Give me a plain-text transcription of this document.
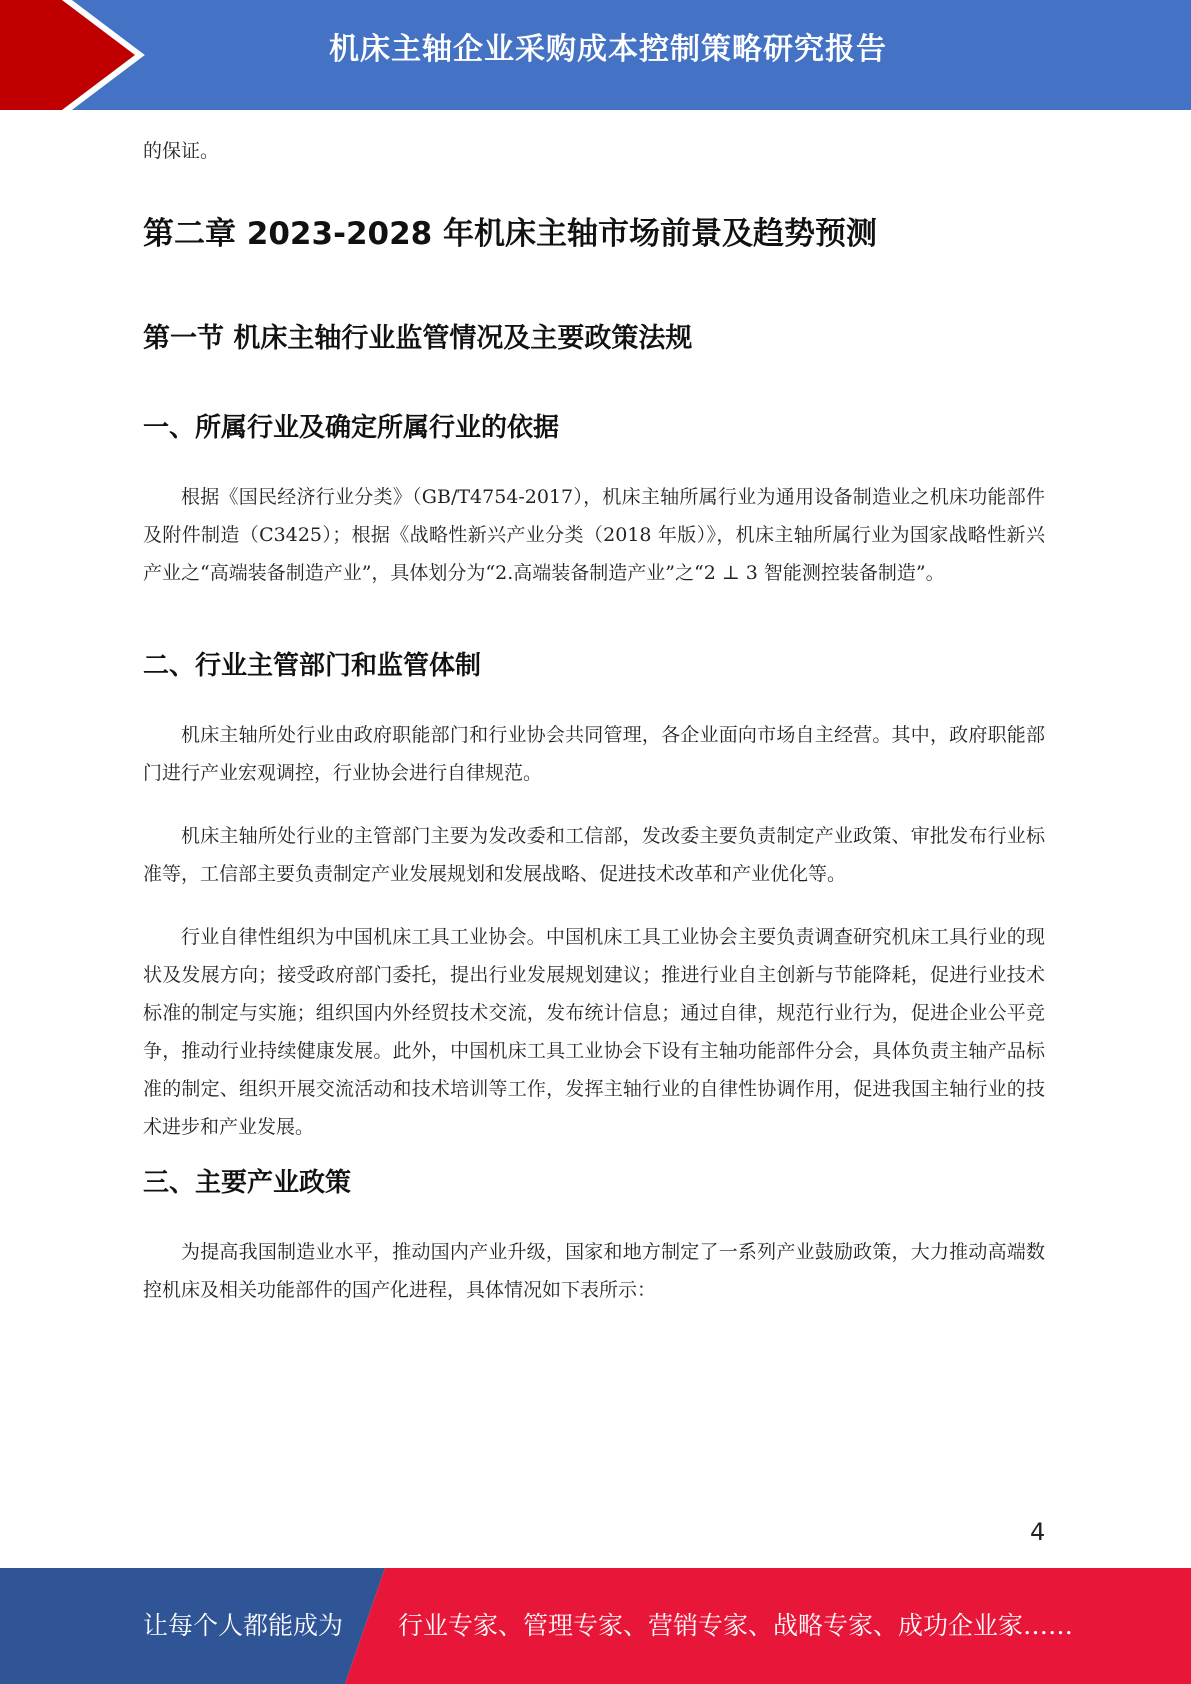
机床主轴企业采购成本控制策略研究报告

的保证。

第二章 2023-2028 年机床主轴市场前景及趋势预测
第一节 机床主轴行业监管情况及主要政策法规
一、所属行业及确定所属行业的依据

根据《国民经济行业分类》（GB/T4754-2017），机床主轴所属行业为通用设备制造业之机床功能部件及附件制造（C3425）；根据《战略性新兴产业分类（2018 年版）》，机床主轴所属行业为国家战略性新兴产业之“高端装备制造产业”，具体划分为“2.高端装备制造产业”之“2 ⊥ 3 智能测控装备制造”。

二、行业主管部门和监管体制

机床主轴所处行业由政府职能部门和行业协会共同管理，各企业面向市场自主经营。其中，政府职能部门进行产业宏观调控，行业协会进行自律规范。

机床主轴所处行业的主管部门主要为发改委和工信部，发改委主要负责制定产业政策、审批发布行业标准等，工信部主要负责制定产业发展规划和发展战略、促进技术改革和产业优化等。

行业自律性组织为中国机床工具工业协会。中国机床工具工业协会主要负责调查研究机床工具行业的现状及发展方向；接受政府部门委托，提出行业发展规划建议；推进行业自主创新与节能降耗，促进行业技术标准的制定与实施；组织国内外经贸技术交流，发布统计信息；通过自律，规范行业行为，促进企业公平竞争，推动行业持续健康发展。此外，中国机床工具工业协会下设有主轴功能部件分会，具体负责主轴产品标准的制定、组织开展交流活动和技术培训等工作，发挥主轴行业的自律性协调作用，促进我国主轴行业的技术进步和产业发展。

三、主要产业政策

为提高我国制造业水平，推动国内产业升级，国家和地方制定了一系列产业鼓励政策，大力推动高端数控机床及相关功能部件的国产化进程，具体情况如下表所示：

4
让每个人都能成为 行业专家、管理专家、营销专家、战略专家、成功企业家……
